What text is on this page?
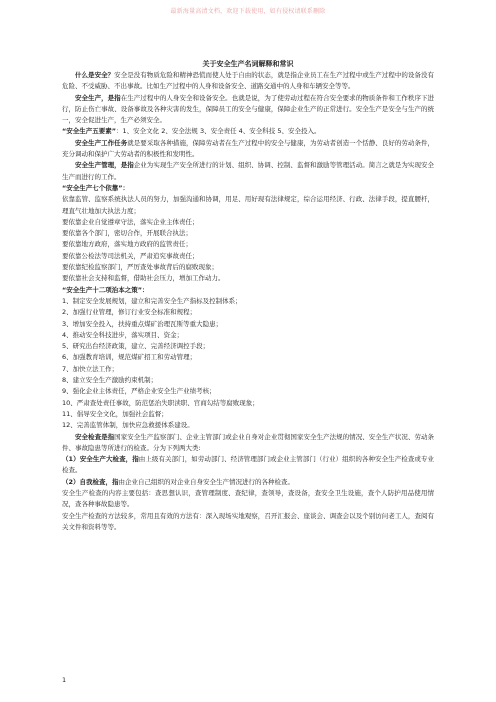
最新海量高清文档，欢迎下载使用，如有侵权请联系删除

关于安全生产名词解释和常识

什么是安全？安全是没有物质危险和精神恐慌而使人处于自由的状态，就是指企业员工在生产过程中或生产过程中的设备没有危险、不受威胁、不出事故。比如生产过程中的人身和设备安全、道路交通中的人身和车辆安全等等。

安全生产，是指在生产过程中的人身安全和设备安全。也就是说，为了使劳动过程在符合安全要求的物质条件和工作秩序下进行，防止伤亡事故、设备事故及各种灾害的发生，保障员工的安全与健康，保障企业生产的正常进行。安全生产是安全与生产的统一，安全促进生产，生产必须安全。

“安全生产五要素”：1、安全文化 2、安全法规 3、安全责任 4、安全科技 5、安全投入。

安全生产工作任务就是要采取各种措施，保障劳动者在生产过程中的安全与健康，为劳动者创造一个恬静、良好的劳动条件，充分调动和保护广大劳动者的积极性和发明性。

安全生产管理，是指企业为实现生产安全所进行的计划、组织、协调、控制、监督和激励等管理活动。简言之就是为实现安全生产而进行的工作。

“安全生产七个依靠”：

依靠监管、监察系统执法人员的努力，加强沟通和协调，用足、用好现有法律规定，综合运用经济、行政、法律手段，提直腰杆，理直气壮地加大执法力度；

要依靠企业自觉遵章守法，落实企业主体责任；

要依靠各个部门，密切合作，开展联合执法；

要依靠地方政府，落实地方政府的监管责任；

要依靠公检法等司法机关，严肃追究事故责任；

要依靠纪检监察部门，严厉查处事故背后的腐败现象；

要依靠社会支持和监督，借助社会压力，增加工作动力。

“安全生产十二项治本之策”：

1、制定安全发展规划，建立和完善安全生产指标及控制体系；

2、加强行业管理，修订行业安全标准和规程；

3、增加安全投入，扶持重点煤矿治理瓦斯等重大隐患；

4、推动安全科技进步，落实项目、资金；

5、研究出台经济政策，建立、完善经济调控手段；

6、加强教育培训，规范煤矿招工和劳动管理；

7、加快立法工作；

8、建立安全生产激励约束机制；

9、强化企业主体责任，严格企业安全生产业绩考核；

10、严肃查处责任事故，防范惩治失职渎职、官商勾结等腐败现象；

11、倡导安全文化，加强社会监督；

12、完善监管体制，加快应急救援体系建设。

安全检查是指国家安全生产监察部门、企业主管部门或企业自身对企业贯彻国家安全生产法规的情况、安全生产状况、劳动条件、事故隐患等所进行的检查。分为下列两大类:

（1）安全生产大检查，指由上级有关部门，如劳动部门、经济管理部门或企业主管部门（行业）组织的各种安全生产检查或专业检查。

（2）自我检查，指由企业自己组织的对企业自身安全生产情况进行的各种检查。

安全生产检查的内容主要包括：查思想认识，查管理制度、查纪律，查领导，查设备，查安全卫生设施，查个人防护用品使用情况，查各种事故隐患等。

安全生产检查的方法较多，常用且有效的方法有：深入现场实地观察，召开汇报会、座谈会、调查会以及个别访问老工人，查阅有关文件和资料等等。

1
